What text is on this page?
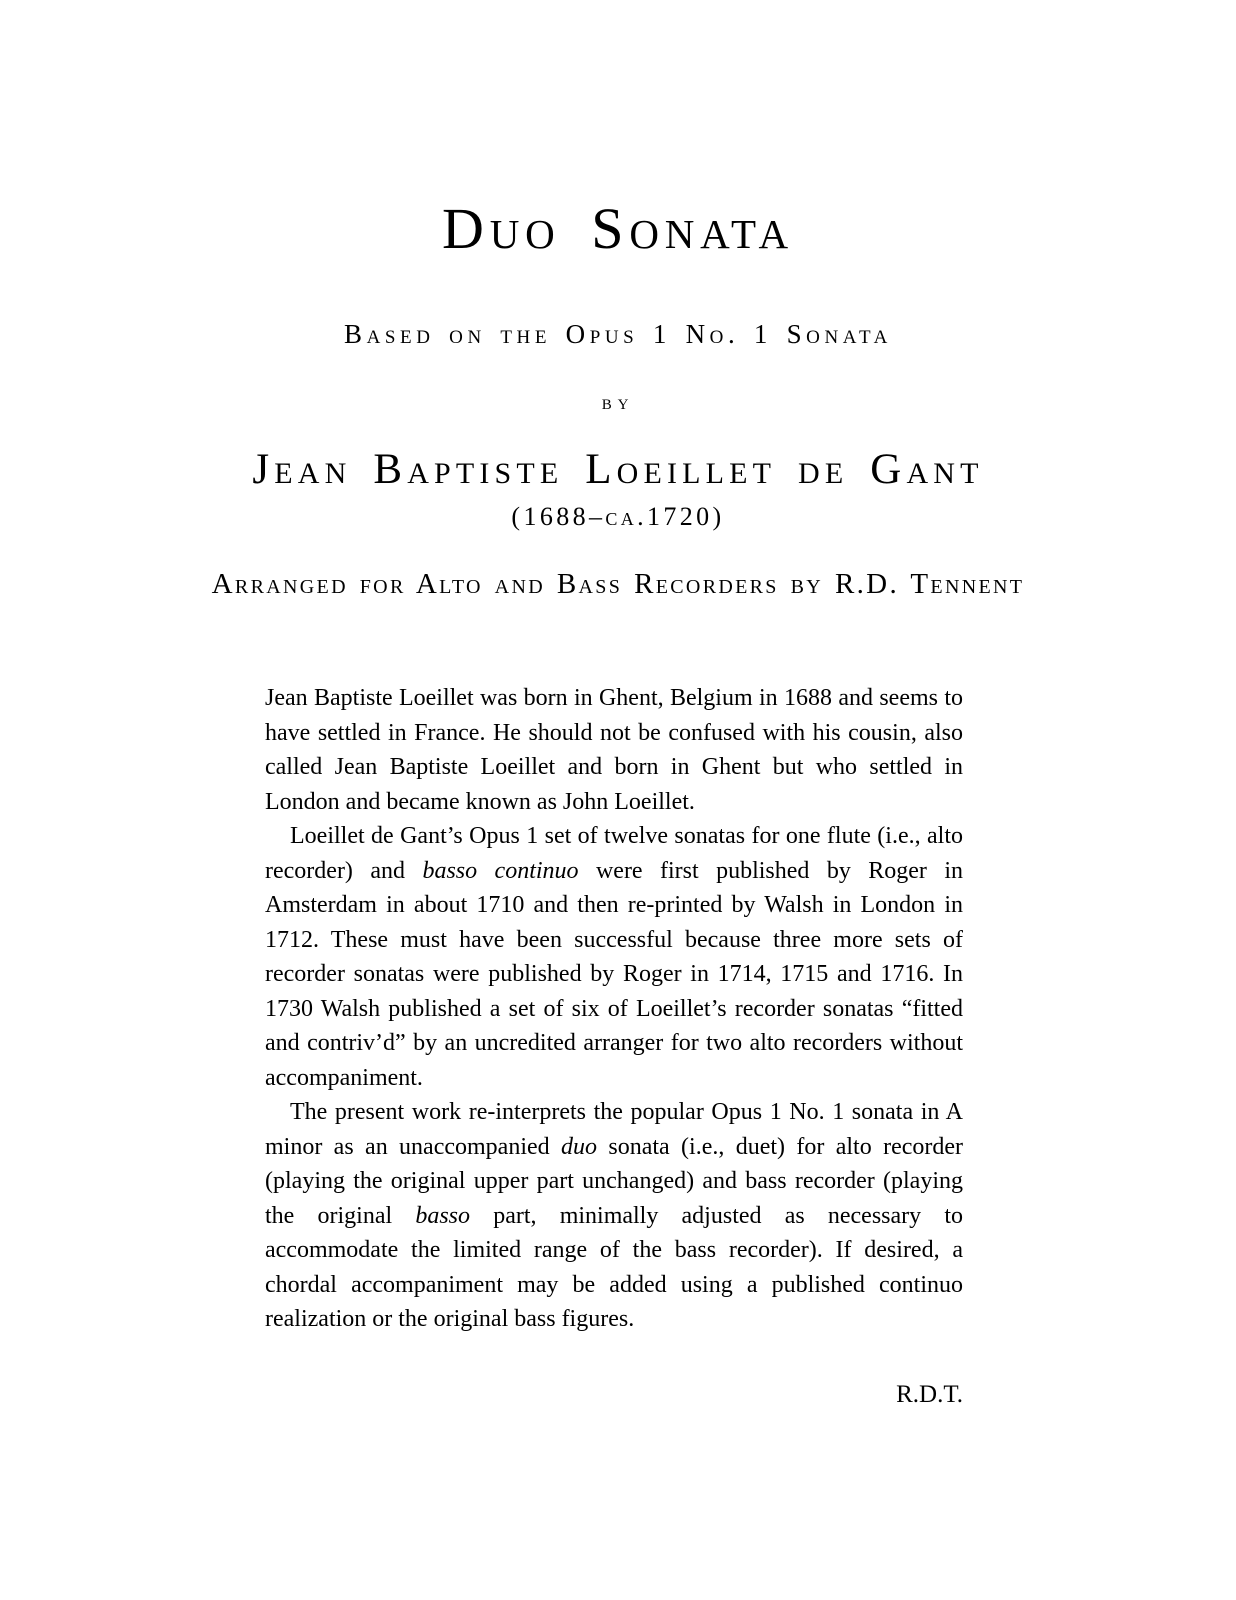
Duo Sonata
Based on the Opus 1 No. 1 Sonata
by
Jean Baptiste Loeillet de Gant
(1688–ca.1720)
Arranged for Alto and Bass Recorders by R.D. Tennent

Jean Baptiste Loeillet was born in Ghent, Belgium in 1688 and seems to have settled in France. He should not be confused with his cousin, also called Jean Baptiste Loeillet and born in Ghent but who settled in London and became known as John Loeillet.

Loeillet de Gant’s Opus 1 set of twelve sonatas for one flute (i.e., alto recorder) and basso continuo were first published by Roger in Amsterdam in about 1710 and then re-printed by Walsh in London in 1712. These must have been successful because three more sets of recorder sonatas were published by Roger in 1714, 1715 and 1716. In 1730 Walsh published a set of six of Loeillet’s recorder sonatas “fitted and contriv’d” by an uncredited arranger for two alto recorders without accompaniment.

The present work re-interprets the popular Opus 1 No. 1 sonata in A minor as an unaccompanied duo sonata (i.e., duet) for alto recorder (playing the original upper part unchanged) and bass recorder (playing the original basso part, minimally adjusted as necessary to accommodate the limited range of the bass recorder). If desired, a chordal accompaniment may be added using a published continuo realization or the original bass figures.

R.D.T.
